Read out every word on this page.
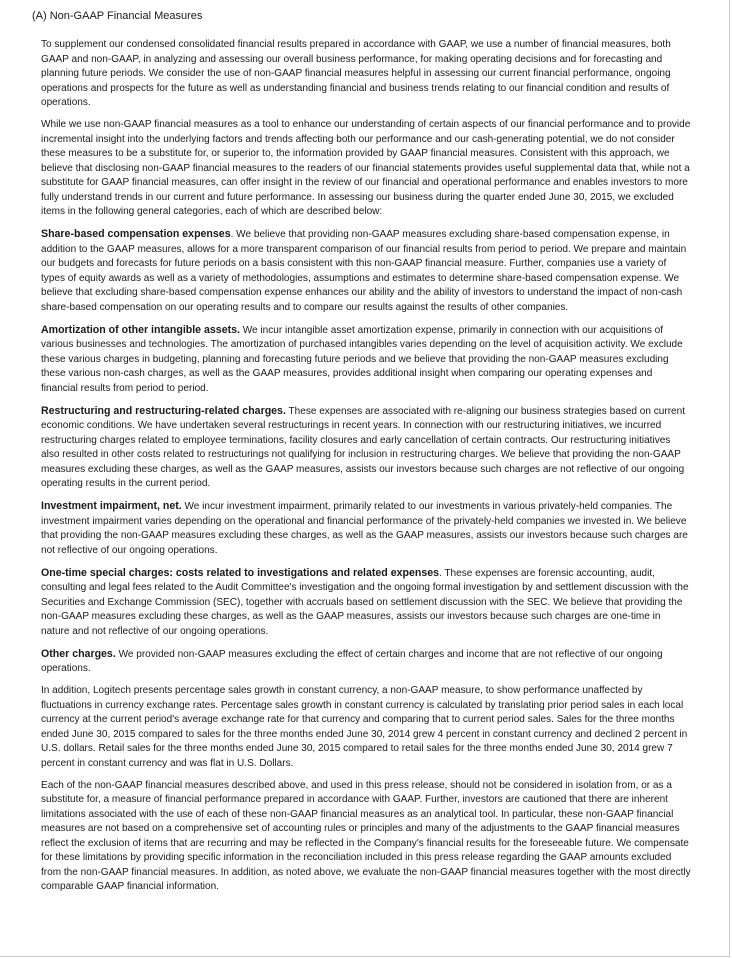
(A) Non-GAAP Financial Measures

To supplement our condensed consolidated financial results prepared in accordance with GAAP, we use a number of financial measures, both GAAP and non-GAAP, in analyzing and assessing our overall business performance, for making operating decisions and for forecasting and planning future periods. We consider the use of non-GAAP financial measures helpful in assessing our current financial performance, ongoing operations and prospects for the future as well as understanding financial and business trends relating to our financial condition and results of operations.

While we use non-GAAP financial measures as a tool to enhance our understanding of certain aspects of our financial performance and to provide incremental insight into the underlying factors and trends affecting both our performance and our cash-generating potential, we do not consider these measures to be a substitute for, or superior to, the information provided by GAAP financial measures. Consistent with this approach, we believe that disclosing non-GAAP financial measures to the readers of our financial statements provides useful supplemental data that, while not a substitute for GAAP financial measures, can offer insight in the review of our financial and operational performance and enables investors to more fully understand trends in our current and future performance. In assessing our business during the quarter ended June 30, 2015, we excluded items in the following general categories, each of which are described below:

Share-based compensation expenses. We believe that providing non-GAAP measures excluding share-based compensation expense, in addition to the GAAP measures, allows for a more transparent comparison of our financial results from period to period. We prepare and maintain our budgets and forecasts for future periods on a basis consistent with this non-GAAP financial measure. Further, companies use a variety of types of equity awards as well as a variety of methodologies, assumptions and estimates to determine share-based compensation expense. We believe that excluding share-based compensation expense enhances our ability and the ability of investors to understand the impact of non-cash share-based compensation on our operating results and to compare our results against the results of other companies.

Amortization of other intangible assets. We incur intangible asset amortization expense, primarily in connection with our acquisitions of various businesses and technologies. The amortization of purchased intangibles varies depending on the level of acquisition activity. We exclude these various charges in budgeting, planning and forecasting future periods and we believe that providing the non-GAAP measures excluding these various non-cash charges, as well as the GAAP measures, provides additional insight when comparing our operating expenses and financial results from period to period.

Restructuring and restructuring-related charges. These expenses are associated with re-aligning our business strategies based on current economic conditions. We have undertaken several restructurings in recent years. In connection with our restructuring initiatives, we incurred restructuring charges related to employee terminations, facility closures and early cancellation of certain contracts. Our restructuring initiatives also resulted in other costs related to restructurings not qualifying for inclusion in restructuring charges. We believe that providing the non-GAAP measures excluding these charges, as well as the GAAP measures, assists our investors because such charges are not reflective of our ongoing operating results in the current period.

Investment impairment, net. We incur investment impairment, primarily related to our investments in various privately-held companies. The investment impairment varies depending on the operational and financial performance of the privately-held companies we invested in. We believe that providing the non-GAAP measures excluding these charges, as well as the GAAP measures, assists our investors because such charges are not reflective of our ongoing operations.

One-time special charges: costs related to investigations and related expenses. These expenses are forensic accounting, audit, consulting and legal fees related to the Audit Committee's investigation and the ongoing formal investigation by and settlement discussion with the Securities and Exchange Commission (SEC), together with accruals based on settlement discussion with the SEC. We believe that providing the non-GAAP measures excluding these charges, as well as the GAAP measures, assists our investors because such charges are one-time in nature and not reflective of our ongoing operations.

Other charges. We provided non-GAAP measures excluding the effect of certain charges and income that are not reflective of our ongoing operations.

In addition, Logitech presents percentage sales growth in constant currency, a non-GAAP measure, to show performance unaffected by fluctuations in currency exchange rates. Percentage sales growth in constant currency is calculated by translating prior period sales in each local currency at the current period's average exchange rate for that currency and comparing that to current period sales. Sales for the three months ended June 30, 2015 compared to sales for the three months ended June 30, 2014 grew 4 percent in constant currency and declined 2 percent in U.S. dollars. Retail sales for the three months ended June 30, 2015 compared to retail sales for the three months ended June 30, 2014 grew 7 percent in constant currency and was flat in U.S. Dollars.

Each of the non-GAAP financial measures described above, and used in this press release, should not be considered in isolation from, or as a substitute for, a measure of financial performance prepared in accordance with GAAP. Further, investors are cautioned that there are inherent limitations associated with the use of each of these non-GAAP financial measures as an analytical tool. In particular, these non-GAAP financial measures are not based on a comprehensive set of accounting rules or principles and many of the adjustments to the GAAP financial measures reflect the exclusion of items that are recurring and may be reflected in the Company's financial results for the foreseeable future. We compensate for these limitations by providing specific information in the reconciliation included in this press release regarding the GAAP amounts excluded from the non-GAAP financial measures. In addition, as noted above, we evaluate the non-GAAP financial measures together with the most directly comparable GAAP financial information.
